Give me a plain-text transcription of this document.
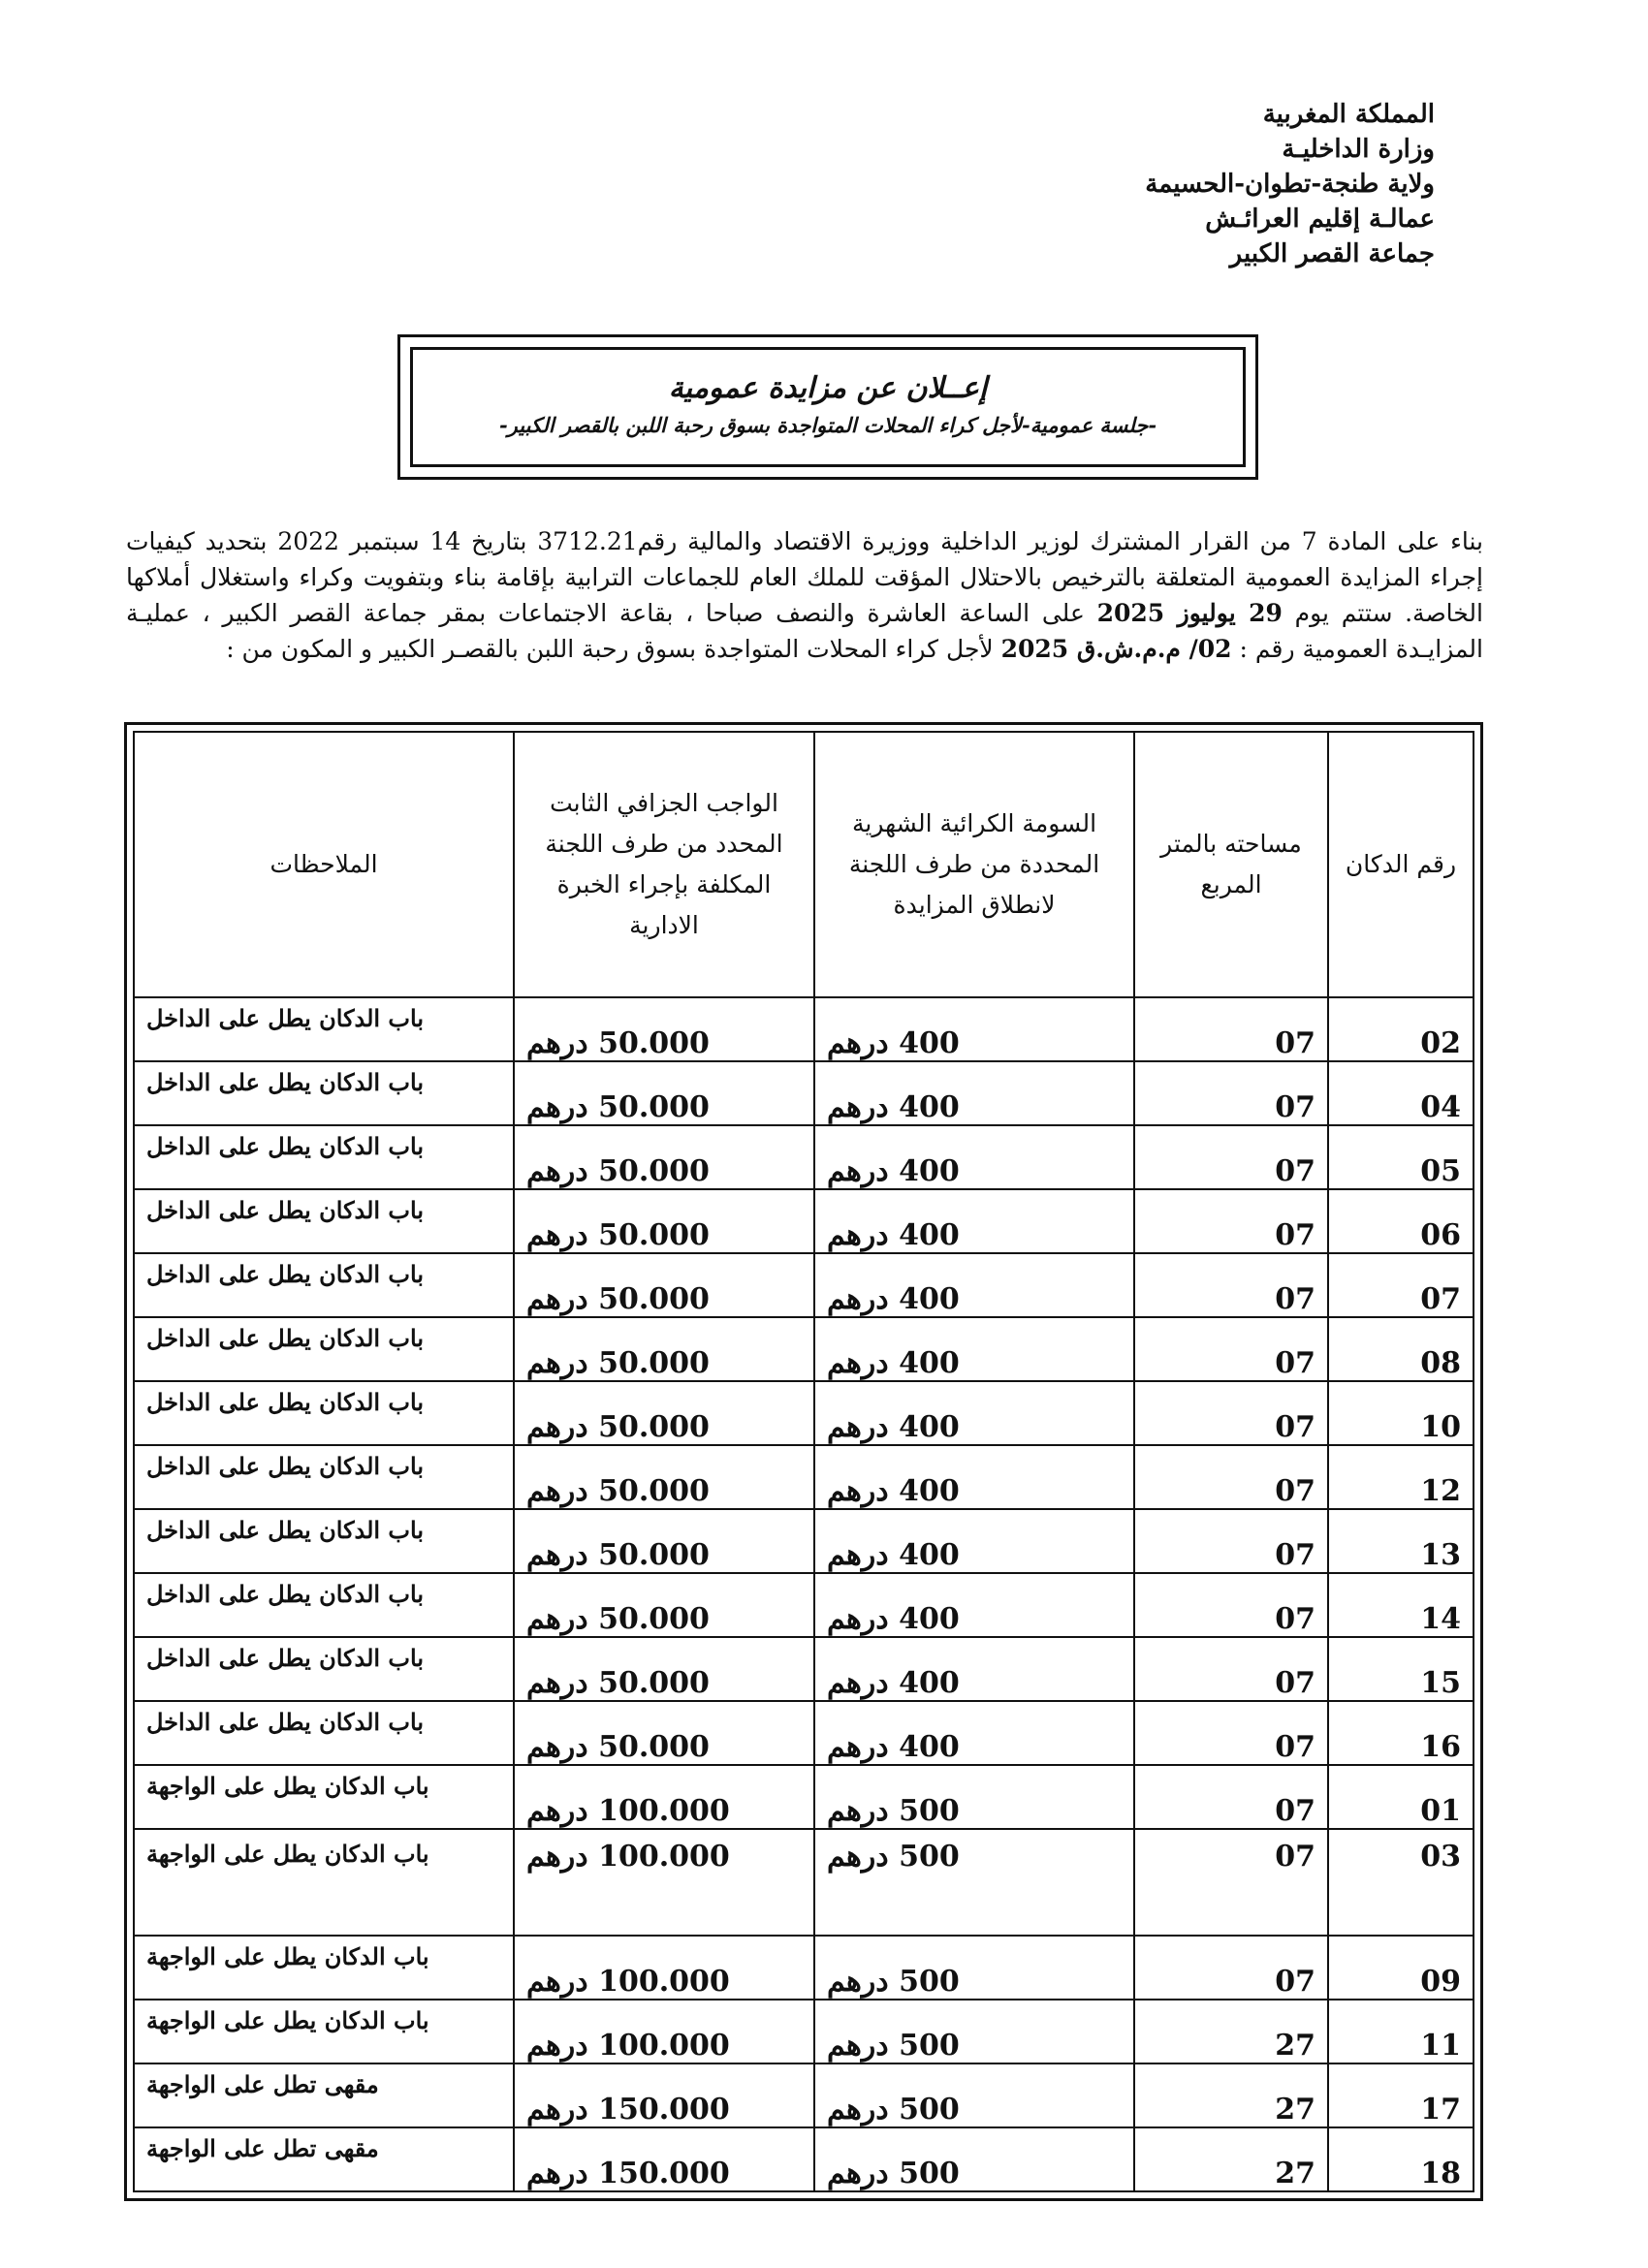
المملكة المغربية
وزارة الداخليـة
ولاية طنجة-تطوان-الحسيمة
عمالـة إقليم العرائـش
جماعة القصر الكبير
إعــلان عن مزايدة عمومية
-جلسة عمومية-لأجل كراء المحلات المتواجدة بسوق رحبة اللبن بالقصر الكبير-
بناء على المادة 7 من القرار المشترك لوزير الداخلية ووزيرة الاقتصاد والمالية رقم3712.21 بتاريخ 14 سبتمبر 2022 بتحديد كيفيات إجراء المزايدة العمومية المتعلقة بالترخيص بالاحتلال المؤقت للملك العام للجماعات الترابية بإقامة بناء وبتفويت وكراء واستغلال أملاكها الخاصة. ستتم يوم 29 يوليوز 2025 على الساعة العاشرة والنصف صباحا ، بقاعة الاجتماعات بمقر جماعة القصر الكبير ، عمليـة المزايـدة العمومية رقم : 02/ م.م.ش.ق 2025 لأجل كراء المحلات المتواجدة بسوق رحبة اللبن بالقصـر الكبير و المكون من :
رقم الدكان	مساحته بالمتر المربع	السومة الكرائية الشهرية المحددة من طرف اللجنة لانطلاق المزايدة	الواجب الجزافي الثابت المحدد من طرف اللجنة المكلفة بإجراء الخبرة الادارية	الملاحظات
02	07	400 درهم	50.000 درهم	باب الدكان يطل على الداخل
04	07	400 درهم	50.000 درهم	باب الدكان يطل على الداخل
05	07	400 درهم	50.000 درهم	باب الدكان يطل على الداخل
06	07	400 درهم	50.000 درهم	باب الدكان يطل على الداخل
07	07	400 درهم	50.000 درهم	باب الدكان يطل على الداخل
08	07	400 درهم	50.000 درهم	باب الدكان يطل على الداخل
10	07	400 درهم	50.000 درهم	باب الدكان يطل على الداخل
12	07	400 درهم	50.000 درهم	باب الدكان يطل على الداخل
13	07	400 درهم	50.000 درهم	باب الدكان يطل على الداخل
14	07	400 درهم	50.000 درهم	باب الدكان يطل على الداخل
15	07	400 درهم	50.000 درهم	باب الدكان يطل على الداخل
16	07	400 درهم	50.000 درهم	باب الدكان يطل على الداخل
01	07	500 درهم	100.000 درهم	باب الدكان يطل على الواجهة
03	07	500 درهم	100.000 درهم	باب الدكان يطل على الواجهة
09	07	500 درهم	100.000 درهم	باب الدكان يطل على الواجهة
11	27	500 درهم	100.000 درهم	باب الدكان يطل على الواجهة
17	27	500 درهم	150.000 درهم	مقهى تطل على الواجهة
18	27	500 درهم	150.000 درهم	مقهى تطل على الواجهة
